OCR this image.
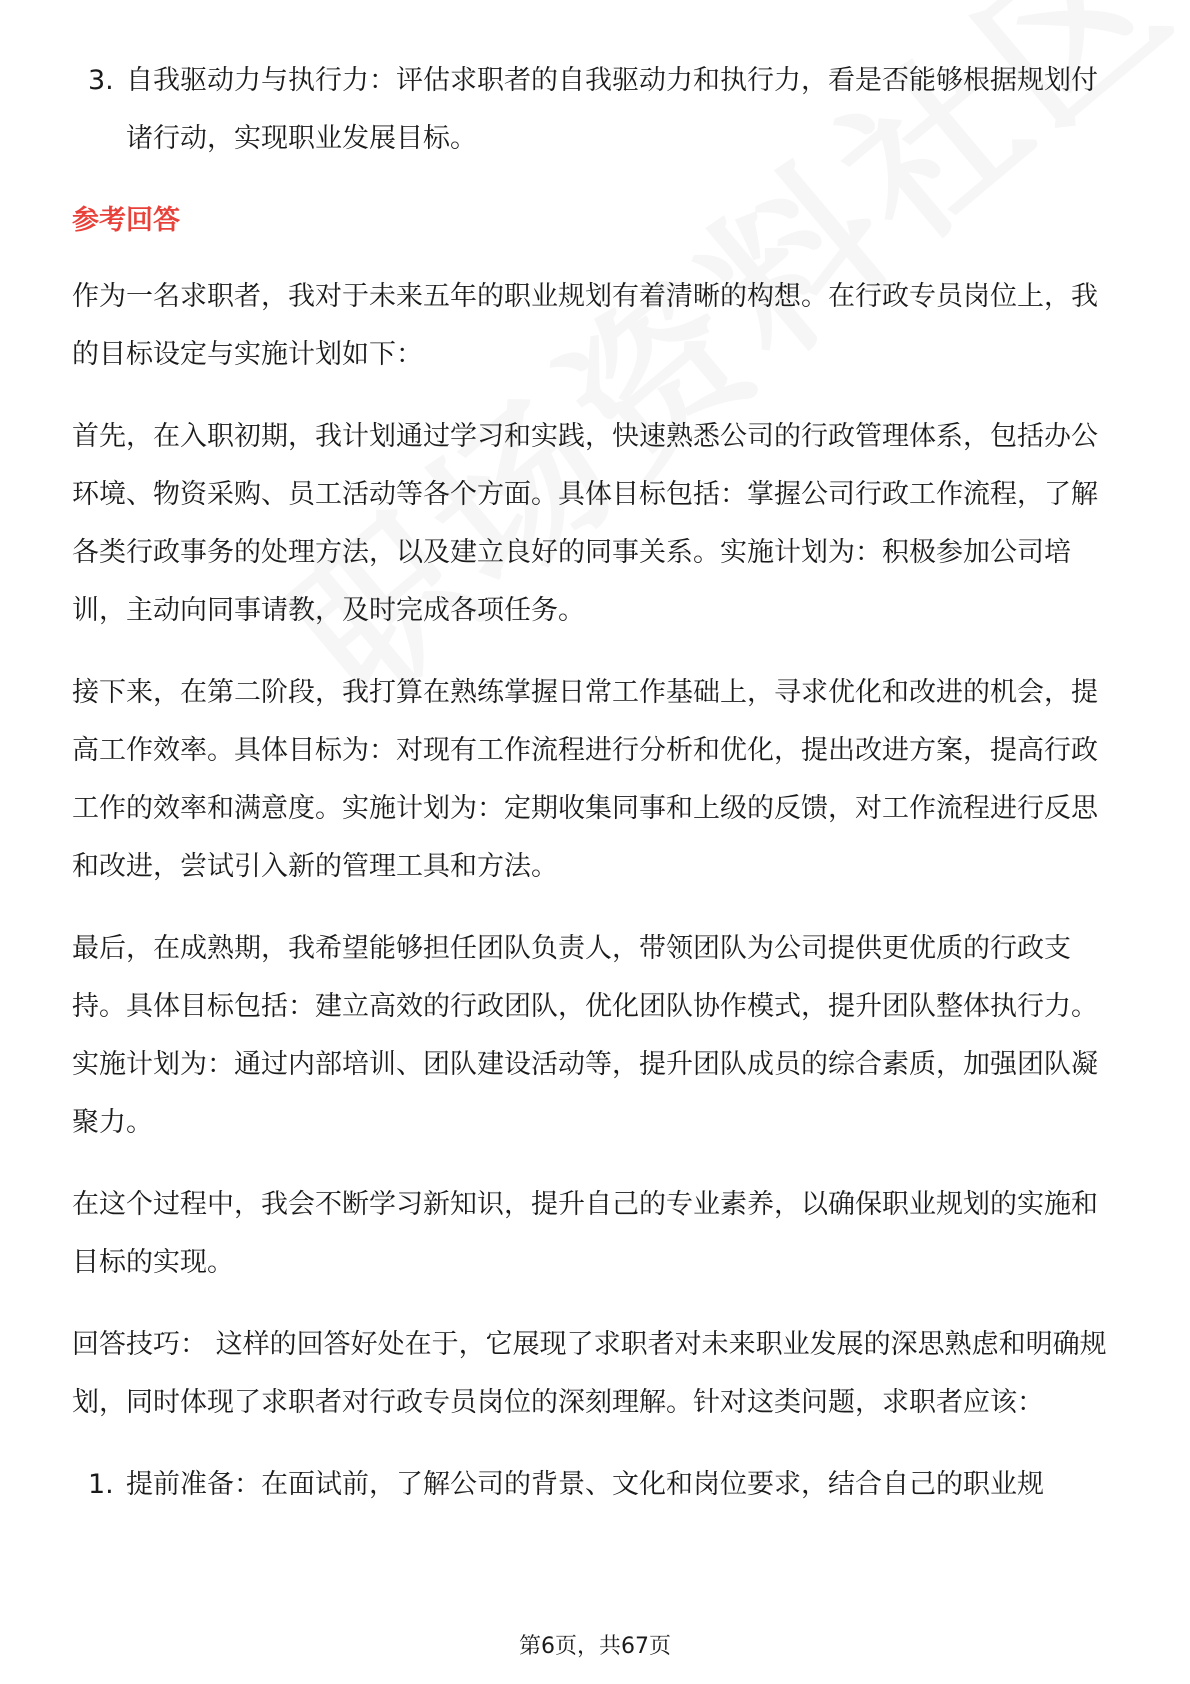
3. 自我驱动力与执行力：评估求职者的自我驱动力和执行力，看是否能够根据规划付诸行动，实现职业发展目标。
参考回答

作为一名求职者，我对于未来五年的职业规划有着清晰的构想。在行政专员岗位上，我的目标设定与实施计划如下：

首先，在入职初期，我计划通过学习和实践，快速熟悉公司的行政管理体系，包括办公环境、物资采购、员工活动等各个方面。具体目标包括：掌握公司行政工作流程，了解各类行政事务的处理方法，以及建立良好的同事关系。实施计划为：积极参加公司培训，主动向同事请教，及时完成各项任务。

接下来，在第二阶段，我打算在熟练掌握日常工作基础上，寻求优化和改进的机会，提高工作效率。具体目标为：对现有工作流程进行分析和优化，提出改进方案，提高行政工作的效率和满意度。实施计划为：定期收集同事和上级的反馈，对工作流程进行反思和改进，尝试引入新的管理工具和方法。

最后，在成熟期，我希望能够担任团队负责人，带领团队为公司提供更优质的行政支持。具体目标包括：建立高效的行政团队，优化团队协作模式，提升团队整体执行力。实施计划为：通过内部培训、团队建设活动等，提升团队成员的综合素质，加强团队凝聚力。

在这个过程中，我会不断学习新知识，提升自己的专业素养，以确保职业规划的实施和目标的实现。

回答技巧： 这样的回答好处在于，它展现了求职者对未来职业发展的深思熟虑和明确规划，同时体现了求职者对行政专员岗位的深刻理解。针对这类问题，求职者应该：

1. 提前准备：在面试前，了解公司的背景、文化和岗位要求，结合自己的职业规
第6页，共67页
